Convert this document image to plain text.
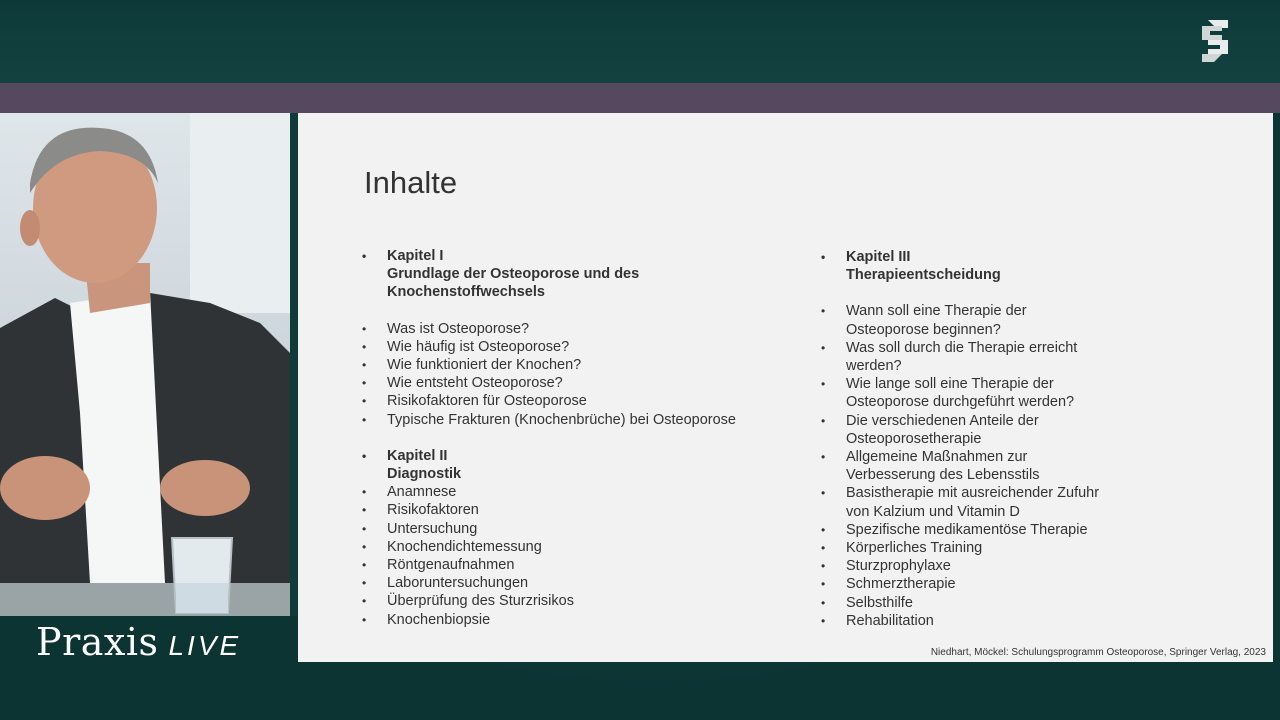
Praxis LIVE
Inhalte
• Kapitel I
Grundlage der Osteoporose und des
Knochenstoffwechsels
• Was ist Osteoporose?
• Wie häufig ist Osteoporose?
• Wie funktioniert der Knochen?
• Wie entsteht Osteoporose?
• Risikofaktoren für Osteoporose
• Typische Frakturen (Knochenbrüche) bei Osteoporose
• Kapitel II
Diagnostik
• Anamnese
• Risikofaktoren
• Untersuchung
• Knochendichtemessung
• Röntgenaufnahmen
• Laboruntersuchungen
• Überprüfung des Sturzrisikos
• Knochenbiopsie
• Kapitel III
Therapieentscheidung
• Wann soll eine Therapie der
Osteoporose beginnen?
• Was soll durch die Therapie erreicht
werden?
• Wie lange soll eine Therapie der
Osteoporose durchgeführt werden?
• Die verschiedenen Anteile der
Osteoporosetherapie
• Allgemeine Maßnahmen zur
Verbesserung des Lebensstils
• Basistherapie mit ausreichender Zufuhr
von Kalzium und Vitamin D
• Spezifische medikamentöse Therapie
• Körperliches Training
• Sturzprophylaxe
• Schmerztherapie
• Selbsthilfe
• Rehabilitation
Niedhart, Möckel: Schulungsprogramm Osteoporose, Springer Verlag, 2023
